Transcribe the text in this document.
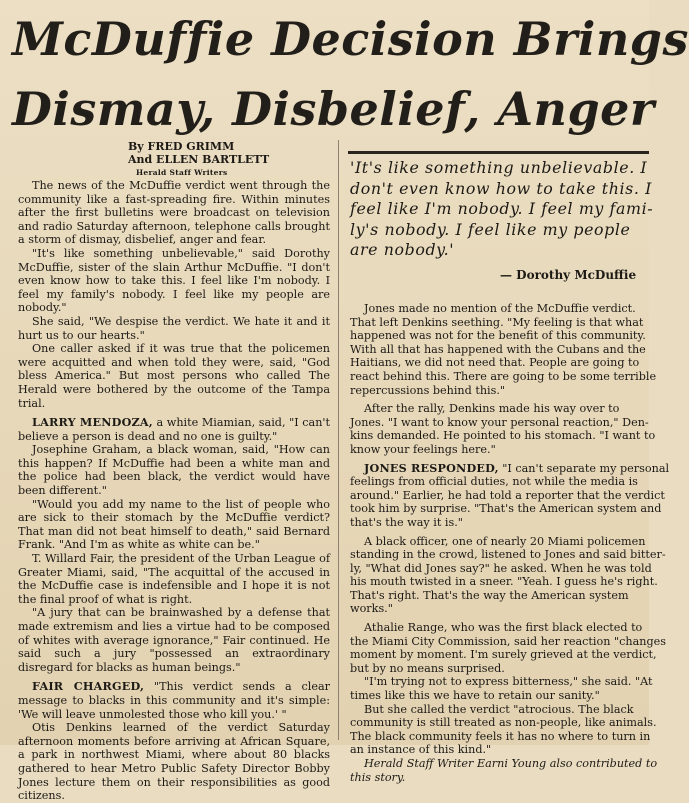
McDuffie Decision Brings
Dismay, Disbelief, Anger
By FRED GRIMM
And ELLEN BARTLETT
Herald Staff Writers

The news of the McDuffie verdict went through the community like a fast-spreading fire. Within minutes after the first bulletins were broadcast on television and radio Saturday afternoon, telephone calls brought a storm of dismay, disbelief, anger and fear.

"It's like something unbelievable," said Dorothy McDuffie, sister of the slain Arthur McDuffie. "I don't even know how to take this. I feel like I'm nobody. I feel my family's nobody. I feel like my people are nobody."

She said, "We despise the verdict. We hate it and it hurt us to our hearts."

One caller asked if it was true that the policemen were acquitted and when told they were, said, "God bless America." But most persons who called The Herald were bothered by the outcome of the Tampa trial.

LARRY MENDOZA, a white Miamian, said, "I can't believe a person is dead and no one is guilty."

Josephine Graham, a black woman, said, "How can this happen? If McDuffie had been a white man and the police had been black, the verdict would have been different."

"Would you add my name to the list of people who are sick to their stomach by the McDuffie verdict? That man did not beat himself to death," said Bernard Frank. "And I'm as white as white can be."

T. Willard Fair, the president of the Urban League of Greater Miami, said, "The acquittal of the accused in the McDuffie case is indefensible and I hope it is not the final proof of what is right.

"A jury that can be brainwashed by a defense that made extremism and lies a virtue had to be composed of whites with average ignorance," Fair continued. He said such a jury "possessed an extraordinary disregard for blacks as human beings."

FAIR CHARGED, "This verdict sends a clear message to blacks in this community and it's simple: 'We will leave unmolested those who kill you.' "

Otis Denkins learned of the verdict Saturday afternoon moments before arriving at African Square, a park in northwest Miami, where about 80 blacks gathered to hear Metro Public Safety Director Bobby Jones lecture them on their responsibilities as good citizens.

'It's like something unbelievable. I
don't even know how to take this. I
feel like I'm nobody. I feel my fami-
ly's nobody. I feel like my people
are nobody.'
— Dorothy McDuffie

Jones made no mention of the McDuffie verdict.
That left Denkins seething. "My feeling is that what
happened was not for the benefit of this community.
With all that has happened with the Cubans and the
Haitians, we did not need that. People are going to
react behind this. There are going to be some terrible
repercussions behind this."

After the rally, Denkins made his way over to
Jones. "I want to know your personal reaction," Den-
kins demanded. He pointed to his stomach. "I want to
know your feelings here."

JONES RESPONDED, "I can't separate my personal
feelings from official duties, not while the media is
around." Earlier, he had told a reporter that the verdict
took him by surprise. "That's the American system and
that's the way it is."

A black officer, one of nearly 20 Miami policemen
standing in the crowd, listened to Jones and said bitter-
ly, "What did Jones say?" he asked. When he was told
his mouth twisted in a sneer. "Yeah. I guess he's right.
That's right. That's the way the American system
works."

Athalie Range, who was the first black elected to
the Miami City Commission, said her reaction "changes
moment by moment. I'm surely grieved at the verdict,
but by no means surprised.

"I'm trying not to express bitterness," she said. "At
times like this we have to retain our sanity."

But she called the verdict "atrocious. The black
community is still treated as non-people, like animals.
The black community feels it has no where to turn in
an instance of this kind."

Herald Staff Writer Earni Young also contributed to
this story.
